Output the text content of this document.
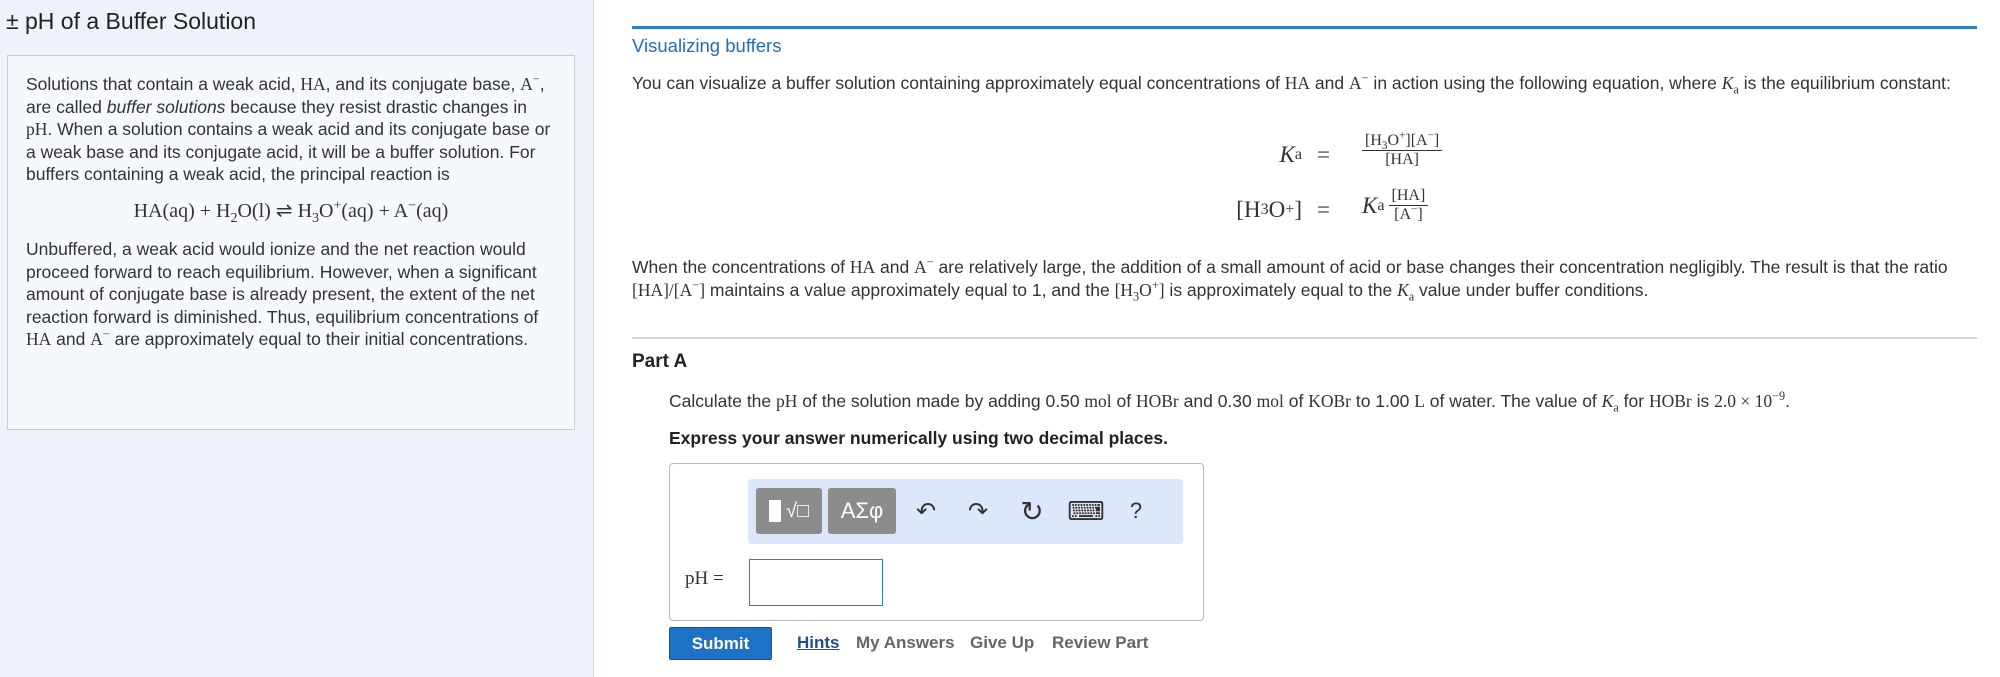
± pH of a Buffer Solution

Solutions that contain a weak acid, HA, and its conjugate base, A−, are called buffer solutions because they resist drastic changes in pH. When a solution contains a weak acid and its conjugate base or a weak base and its conjugate acid, it will be a buffer solution. For buffers containing a weak acid, the principal reaction is

$HA(aq) + H_2O(l)$ ⇌ $H_3O^+(aq) + A^-(aq)$

Unbuffered, a weak acid would ionize and the net reaction would proceed forward to reach equilibrium. However, when a significant amount of conjugate base is already present, the extent of the net reaction forward is diminished. Thus, equilibrium concentrations of HA and A− are approximately equal to their initial concentrations.

Visualizing buffers
You can visualize a buffer solution containing approximately equal concentrations of HA and A− in action using the following equation, where $K_a$ is the equilibrium constant:
K $a = \frac{[H_3O^+][A^-]}{[HA]}$
[H 3 O + ] = K a $\frac{[HA]}{[A^-]}$
When the concentrations of HA and A− are relatively large, the addition of a small amount of acid or base changes their concentration negligibly. The result is that the ratio [HA]/[A−] maintains a value approximately equal to 1, and the $[H_3O^+]$ is approximately equal to the $K_a$ value under buffer conditions.
Part A
Calculate the pH of the solution made by adding 0.50 mol of HOBr and 0.30 mol of KOBr to 1.00 L of water. The value of $K_a$ for HOBr is $2.0 \times 10^{-9}$.
Express your answer numerically using two decimal places.
√□	ΑΣφ	↶	↷ ↻ ⌨	?
pH =
Submit	Hints My Answers Give Up Review Part
